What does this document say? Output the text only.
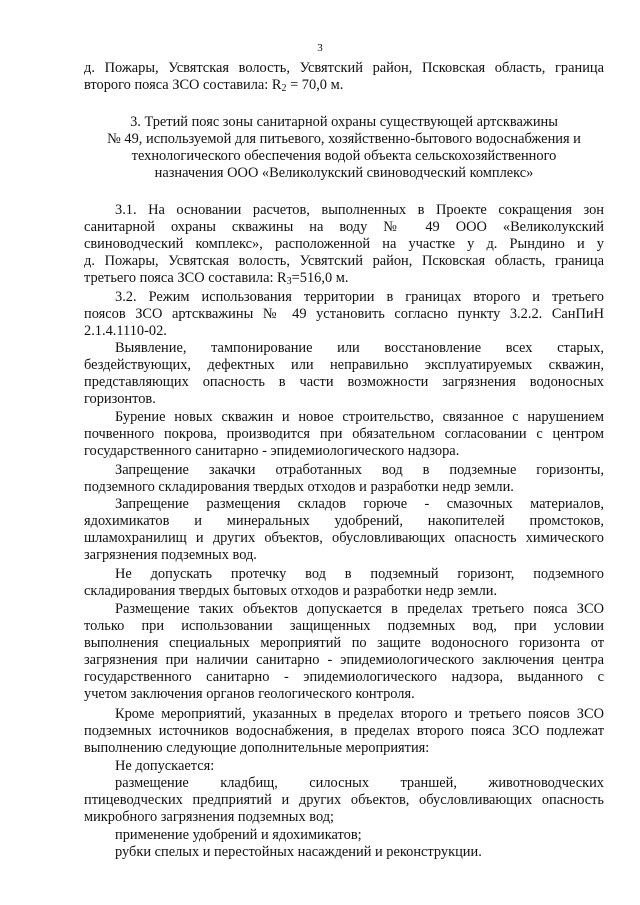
3
д. Пожары, Усвятская волость, Усвятский район, Псковская область, граница
второго пояса ЗСО составила: $R_2 = 70,0$ м.
3. Третий пояс зоны санитарной охраны существующей артскважины
№ 49, используемой для питьевого, хозяйственно-бытового водоснабжения и
технологического обеспечения водой объекта сельскохозяйственного
назначения ООО «Великолукский свиноводческий комплекс»
3.1. На основании расчетов, выполненных в Проекте сокращения зон
санитарной охраны скважины на воду № 49 ООО «Великолукский
свиноводческий комплекс», расположенной на участке у д. Рындино и у
д. Пожары, Усвятская волость, Усвятский район, Псковская область, граница
третьего пояса ЗСО составила: $R_3=516,0$ м.
3.2. Режим использования территории в границах второго и третьего
поясов ЗСО артскважины № 49 установить согласно пункту 3.2.2. СанПиН
2.1.4.1110-02.
Выявление, тампонирование или восстановление всех старых,
бездействующих, дефектных или неправильно эксплуатируемых скважин,
представляющих опасность в части возможности загрязнения водоносных
горизонтов.
Бурение новых скважин и новое строительство, связанное с нарушением
почвенного покрова, производится при обязательном согласовании с центром
государственного санитарно - эпидемиологического надзора.
Запрещение закачки отработанных вод в подземные горизонты,
подземного складирования твердых отходов и разработки недр земли.
Запрещение размещения складов горюче - смазочных материалов,
ядохимикатов и минеральных удобрений, накопителей промстоков,
шламохранилищ и других объектов, обусловливающих опасность химического
загрязнения подземных вод.
Не допускать протечку вод в подземный горизонт, подземного
складирования твердых бытовых отходов и разработки недр земли.
Размещение таких объектов допускается в пределах третьего пояса ЗСО
только при использовании защищенных подземных вод, при условии
выполнения специальных мероприятий по защите водоносного горизонта от
загрязнения при наличии санитарно - эпидемиологического заключения центра
государственного санитарно - эпидемиологического надзора, выданного с
учетом заключения органов геологического контроля.
Кроме мероприятий, указанных в пределах второго и третьего поясов ЗСО
подземных источников водоснабжения, в пределах второго пояса ЗСО подлежат
выполнению следующие дополнительные мероприятия:
Не допускается:
размещение кладбищ, силосных траншей, животноводческих
птицеводческих предприятий и других объектов, обусловливающих опасность
микробного загрязнения подземных вод;
применение удобрений и ядохимикатов;
рубки спелых и перестойных насаждений и реконструкции.
